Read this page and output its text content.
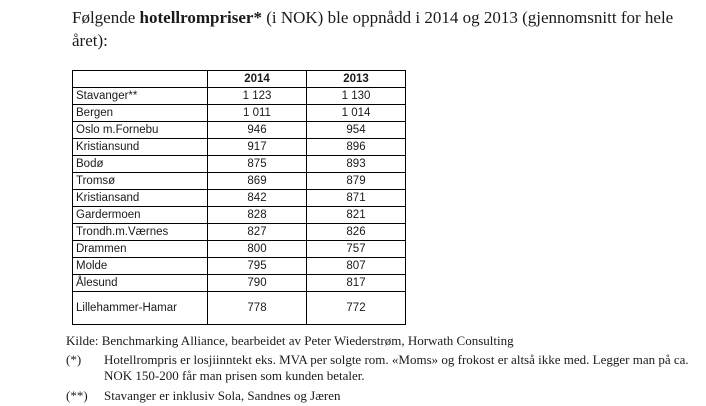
Følgende hotellrompriser* (i NOK) ble oppnådd i 2014 og 2013 (gjennomsnitt for hele året):
	2014	2013
Stavanger**	1 123	1 130
Bergen	1 011	1 014
Oslo m.Fornebu	946	954
Kristiansund	917	896
Bodø	875	893
Tromsø	869	879
Kristiansand	842	871
Gardermoen	828	821
Trondh.m.Værnes	827	826
Drammen	800	757
Molde	795	807
Ålesund	790	817
Lillehammer-Hamar	778	772
Kilde: Benchmarking Alliance, bearbeidet av Peter Wiederstrøm, Horwath Consulting
(*) Hotellrompris er losjiinntekt eks. MVA per solgte rom. «Moms» og frokost er altså ikke med. Legger man på ca. NOK 150-200 får man prisen som kunden betaler.
(**) Stavanger er inklusiv Sola, Sandnes og Jæren
